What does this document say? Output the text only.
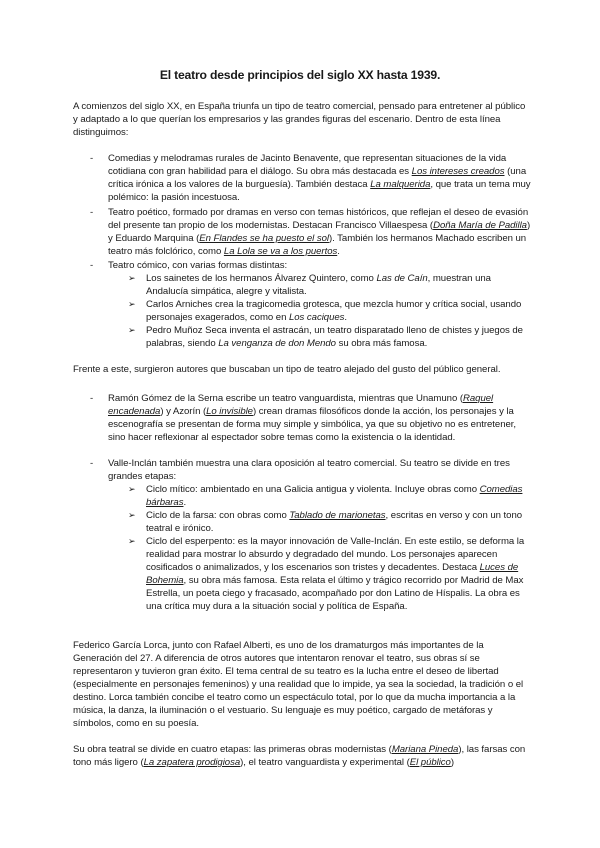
El teatro desde principios del siglo XX hasta 1939.

A comienzos del siglo XX, en España triunfa un tipo de teatro comercial, pensado para entretener al público y adaptado a lo que querían los empresarios y las grandes figuras del escenario. Dentro de esta línea distinguimos:

- Comedias y melodramas rurales de Jacinto Benavente, que representan situaciones de la vida cotidiana con gran habilidad para el diálogo. Su obra más destacada es Los intereses creados (una crítica irónica a los valores de la burguesía). También destaca La malquerida, que trata un tema muy polémico: la pasión incestuosa.

- Teatro poético, formado por dramas en verso con temas históricos, que reflejan el deseo de evasión del presente tan propio de los modernistas. Destacan Francisco Villaespesa (Doña María de Padilla) y Eduardo Marquina (En Flandes se ha puesto el sol). También los hermanos Machado escriben un teatro más folclórico, como La Lola se va a los puertos.

- Teatro cómico, con varias formas distintas:

➢ Los sainetes de los hermanos Álvarez Quintero, como Las de Caín, muestran una Andalucía simpática, alegre y vitalista.

➢ Carlos Arniches crea la tragicomedia grotesca, que mezcla humor y crítica social, usando personajes exagerados, como en Los caciques.

➢ Pedro Muñoz Seca inventa el astracán, un teatro disparatado lleno de chistes y juegos de palabras, siendo La venganza de don Mendo su obra más famosa.

Frente a este, surgieron autores que buscaban un tipo de teatro alejado del gusto del público general.

- Ramón Gómez de la Serna escribe un teatro vanguardista, mientras que Unamuno (Raquel encadenada) y Azorín (Lo invisible) crean dramas filosóficos donde la acción, los personajes y la escenografía se presentan de forma muy simple y simbólica, ya que su objetivo no es entretener, sino hacer reflexionar al espectador sobre temas como la existencia o la identidad.

- Valle-Inclán también muestra una clara oposición al teatro comercial. Su teatro se divide en tres grandes etapas:

➢ Ciclo mítico: ambientado en una Galicia antigua y violenta. Incluye obras como Comedias bárbaras.

➢ Ciclo de la farsa: con obras como Tablado de marionetas, escritas en verso y con un tono teatral e irónico.

➢ Ciclo del esperpento: es la mayor innovación de Valle-Inclán. En este estilo, se deforma la realidad para mostrar lo absurdo y degradado del mundo. Los personajes aparecen cosificados o animalizados, y los escenarios son tristes y decadentes. Destaca Luces de Bohemia, su obra más famosa. Esta relata el último y trágico recorrido por Madrid de Max Estrella, un poeta ciego y fracasado, acompañado por don Latino de Híspalis. La obra es una crítica muy dura a la situación social y política de España.

Federico García Lorca, junto con Rafael Alberti, es uno de los dramaturgos más importantes de la Generación del 27. A diferencia de otros autores que intentaron renovar el teatro, sus obras sí se representaron y tuvieron gran éxito. El tema central de su teatro es la lucha entre el deseo de libertad (especialmente en personajes femeninos) y una realidad que lo impide, ya sea la sociedad, la tradición o el destino. Lorca también concibe el teatro como un espectáculo total, por lo que da mucha importancia a la música, la danza, la iluminación o el vestuario. Su lenguaje es muy poético, cargado de metáforas y símbolos, como en su poesía.

Su obra teatral se divide en cuatro etapas: las primeras obras modernistas (Mariana Pineda), las farsas con tono más ligero (La zapatera prodigiosa), el teatro vanguardista y experimental (El público)
